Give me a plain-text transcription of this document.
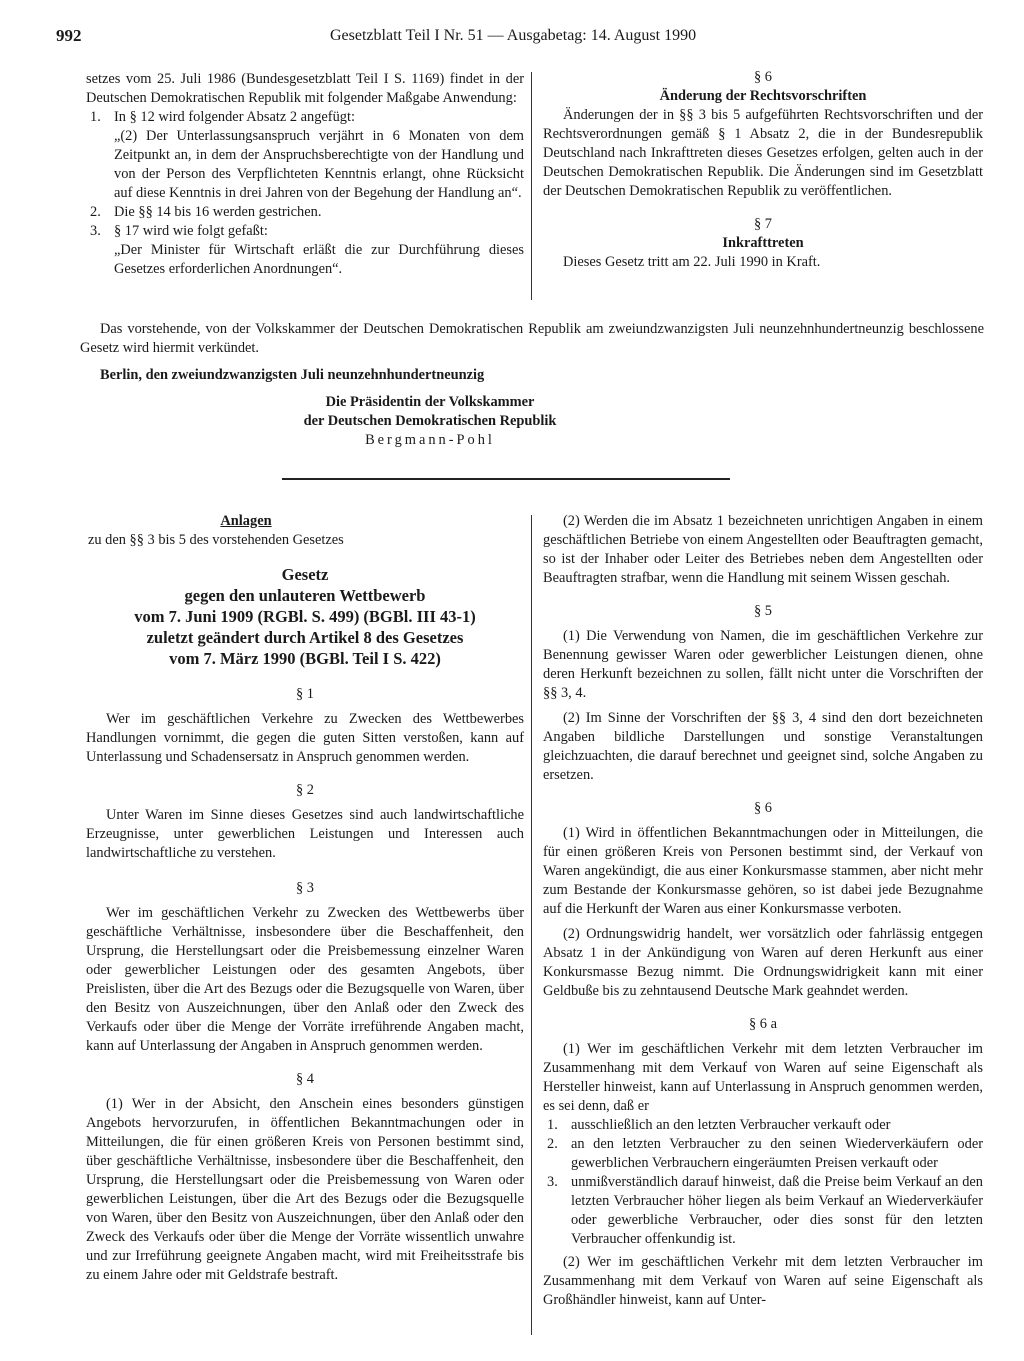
992	Gesetzblatt Teil I Nr. 51 — Ausgabetag: 14. August 1990

setzes vom 25. Juli 1986 (Bundesgesetzblatt Teil I S. 1169) findet in der Deutschen Demokratischen Republik mit folgender Maßgabe Anwendung:

1. In § 12 wird folgender Absatz 2 angefügt:
„(2) Der Unterlassungsanspruch verjährt in 6 Monaten von dem Zeitpunkt an, in dem der Anspruchsberechtigte von der Handlung und von der Person des Verpflichteten Kenntnis erlangt, ohne Rücksicht auf diese Kenntnis in drei Jahren von der Begehung der Handlung an“.
2. Die §§ 14 bis 16 werden gestrichen.
3. § 17 wird wie folgt gefaßt:
„Der Minister für Wirtschaft erläßt die zur Durchführung dieses Gesetzes erforderlichen Anordnungen“.
§ 6
Änderung der Rechtsvorschriften

Änderungen der in §§ 3 bis 5 aufgeführten Rechtsvorschriften und der Rechtsverordnungen gemäß § 1 Absatz 2, die in der Bundesrepublik Deutschland nach Inkrafttreten dieses Gesetzes erfolgen, gelten auch in der Deutschen Demokratischen Republik. Die Änderungen sind im Gesetzblatt der Deutschen Demokratischen Republik zu veröffentlichen.

§ 7
Inkrafttreten

Dieses Gesetz tritt am 22. Juli 1990 in Kraft.

Das vorstehende, von der Volkskammer der Deutschen Demokratischen Republik am zweiundzwanzigsten Juli neunzehnhundertneunzig beschlossene Gesetz wird hiermit verkündet.

Berlin, den zweiundzwanzigsten Juli neunzehnhundertneunzig

Die Präsidentin der Volkskammer
der Deutschen Demokratischen Republik
Bergmann-Pohl
Anlagen
zu den §§ 3 bis 5 des vorstehenden Gesetzes
Gesetz
gegen den unlauteren Wettbewerb
vom 7. Juni 1909 (RGBl. S. 499) (BGBl. III 43-1)
zuletzt geändert durch Artikel 8 des Gesetzes
vom 7. März 1990 (BGBl. Teil I S. 422)
§ 1

Wer im geschäftlichen Verkehre zu Zwecken des Wettbewerbes Handlungen vornimmt, die gegen die guten Sitten verstoßen, kann auf Unterlassung und Schadensersatz in Anspruch genommen werden.

§ 2

Unter Waren im Sinne dieses Gesetzes sind auch landwirtschaftliche Erzeugnisse, unter gewerblichen Leistungen und Interessen auch landwirtschaftliche zu verstehen.

§ 3

Wer im geschäftlichen Verkehr zu Zwecken des Wettbewerbs über geschäftliche Verhältnisse, insbesondere über die Beschaffenheit, den Ursprung, die Herstellungsart oder die Preisbemessung einzelner Waren oder gewerblicher Leistungen oder des gesamten Angebots, über Preislisten, über die Art des Bezugs oder die Bezugsquelle von Waren, über den Besitz von Auszeichnungen, über den Anlaß oder den Zweck des Verkaufs oder über die Menge der Vorräte irreführende Angaben macht, kann auf Unterlassung der Angaben in Anspruch genommen werden.

§ 4

(1) Wer in der Absicht, den Anschein eines besonders günstigen Angebots hervorzurufen, in öffentlichen Bekanntmachungen oder in Mitteilungen, die für einen größeren Kreis von Personen bestimmt sind, über geschäftliche Verhältnisse, insbesondere über die Beschaffenheit, den Ursprung, die Herstellungsart oder die Preisbemessung von Waren oder gewerblichen Leistungen, über die Art des Bezugs oder die Bezugsquelle von Waren, über den Besitz von Auszeichnungen, über den Anlaß oder den Zweck des Verkaufs oder über die Menge der Vorräte wissentlich unwahre und zur Irreführung geeignete Angaben macht, wird mit Freiheitsstrafe bis zu einem Jahre oder mit Geldstrafe bestraft.

(2) Werden die im Absatz 1 bezeichneten unrichtigen Angaben in einem geschäftlichen Betriebe von einem Angestellten oder Beauftragten gemacht, so ist der Inhaber oder Leiter des Betriebes neben dem Angestellten oder Beauftragten strafbar, wenn die Handlung mit seinem Wissen geschah.

§ 5

(1) Die Verwendung von Namen, die im geschäftlichen Verkehre zur Benennung gewisser Waren oder gewerblicher Leistungen dienen, ohne deren Herkunft bezeichnen zu sollen, fällt nicht unter die Vorschriften der §§ 3, 4.

(2) Im Sinne der Vorschriften der §§ 3, 4 sind den dort bezeichneten Angaben bildliche Darstellungen und sonstige Veranstaltungen gleichzuachten, die darauf berechnet und geeignet sind, solche Angaben zu ersetzen.

§ 6

(1) Wird in öffentlichen Bekanntmachungen oder in Mitteilungen, die für einen größeren Kreis von Personen bestimmt sind, der Verkauf von Waren angekündigt, die aus einer Konkursmasse stammen, aber nicht mehr zum Bestande der Konkursmasse gehören, so ist dabei jede Bezugnahme auf die Herkunft der Waren aus einer Konkursmasse verboten.

(2) Ordnungswidrig handelt, wer vorsätzlich oder fahrlässig entgegen Absatz 1 in der Ankündigung von Waren auf deren Herkunft aus einer Konkursmasse Bezug nimmt. Die Ordnungswidrigkeit kann mit einer Geldbuße bis zu zehntausend Deutsche Mark geahndet werden.

§ 6 a

(1) Wer im geschäftlichen Verkehr mit dem letzten Verbraucher im Zusammenhang mit dem Verkauf von Waren auf seine Eigenschaft als Hersteller hinweist, kann auf Unterlassung in Anspruch genommen werden, es sei denn, daß er

1. ausschließlich an den letzten Verbraucher verkauft oder
2. an den letzten Verbraucher zu den seinen Wiederverkäufern oder gewerblichen Verbrauchern eingeräumten Preisen verkauft oder
3. unmißverständlich darauf hinweist, daß die Preise beim Verkauf an den letzten Verbraucher höher liegen als beim Verkauf an Wiederverkäufer oder gewerbliche Verbraucher, oder dies sonst für den letzten Verbraucher offenkundig ist.

(2) Wer im geschäftlichen Verkehr mit dem letzten Verbraucher im Zusammenhang mit dem Verkauf von Waren auf seine Eigenschaft als Großhändler hinweist, kann auf Unter-
